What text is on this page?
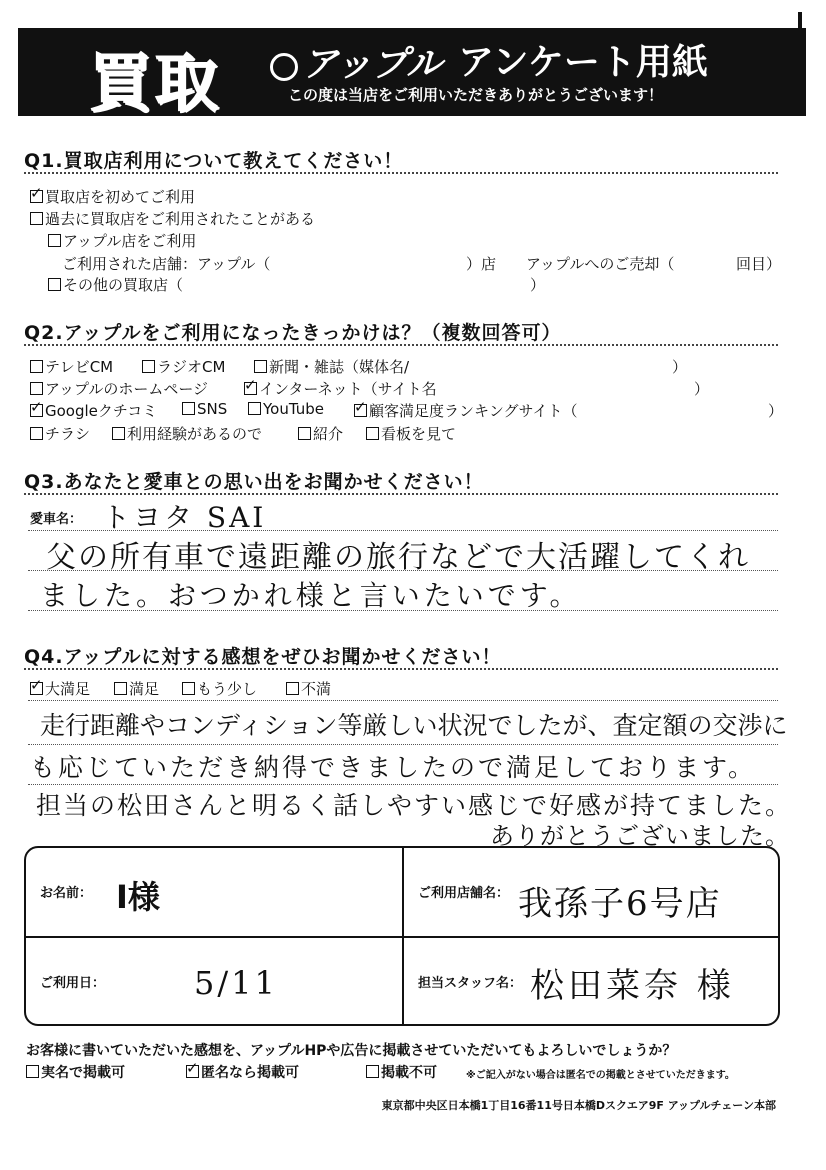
買取	アップル アンケート用紙
この度は当店をご利用いただきありがとうございます！
Q1.買取店利用について教えてください！
✓買取店を初めてご利用
過去に買取店をご利用されたことがある
アップル店をご利用
ご利用された店舗：アップル（	）店 アップルへのご売却（	回目）
その他の買取店（	）
Q2.アップルをご利用になったきっかけは？（複数回答可）
テレビCM	ラジオCM	新聞・雑誌（媒体名/	）
アップルのホームページ ✓	インターネット（サイト名	）
✓Googleクチコミ	SNS	YouTube ✓	顧客満足度ランキングサイト（	）
チラシ	利用経験があるので	紹介	看板を見て
Q3.あなたと愛車との思い出をお聞かせください！
愛車名： トヨタ SAI
父の所有車で遠距離の旅行などで大活躍してくれ
ました。おつかれ様と言いたいです。
Q4.アップルに対する感想をぜひお聞かせください！
✓大満足	満足	もう少し	不満
走行距離やコンディション等厳しい状況でしたが、査定額の交渉に
も応じていただき納得できましたので満足しております。
担当の松田さんと明るく話しやすい感じで好感が持てました。
ありがとうございました。
お名前： I様	ご利用店舗名： 我孫子6号店
ご利用日：	5/11	担当スタッフ名： 松田菜奈 様
お客様に書いていただいた感想を、アップルHPや広告に掲載させていただいてもよろしいでしょうか？
実名で掲載可 ✓	匿名なら掲載可	掲載不可	※ご記入がない場合は匿名での掲載とさせていただきます。
東京都中央区日本橋1丁目16番11号日本橋Dスクエア9F アップルチェーン本部
